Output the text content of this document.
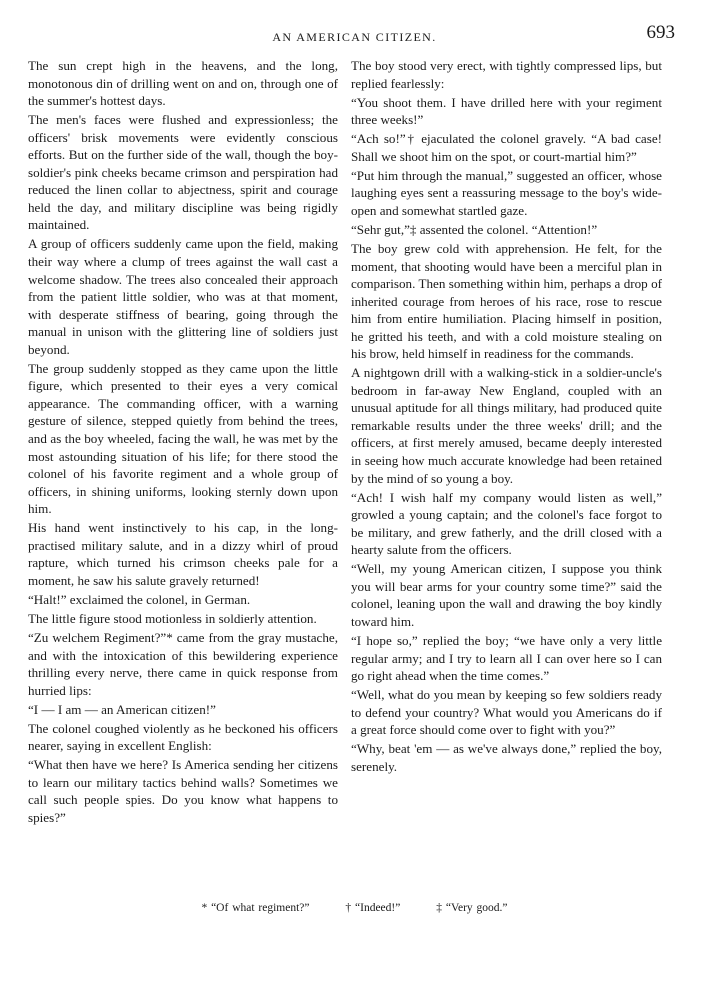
AN AMERICAN CITIZEN.	693

The sun crept high in the heavens, and the long, monotonous din of drilling went on and on, through one of the summer's hottest days.

The men's faces were flushed and expressionless; the officers' brisk movements were evidently conscious efforts. But on the further side of the wall, though the boy-soldier's pink cheeks became crimson and perspiration had reduced the linen collar to abjectness, spirit and courage held the day, and military discipline was being rigidly maintained.

A group of officers suddenly came upon the field, making their way where a clump of trees against the wall cast a welcome shadow. The trees also concealed their approach from the patient little soldier, who was at that moment, with desperate stiffness of bearing, going through the manual in unison with the glittering line of soldiers just beyond.

The group suddenly stopped as they came upon the little figure, which presented to their eyes a very comical appearance. The commanding officer, with a warning gesture of silence, stepped quietly from behind the trees, and as the boy wheeled, facing the wall, he was met by the most astounding situation of his life; for there stood the colonel of his favorite regiment and a whole group of officers, in shining uniforms, looking sternly down upon him.

His hand went instinctively to his cap, in the long-practised military salute, and in a dizzy whirl of proud rapture, which turned his crimson cheeks pale for a moment, he saw his salute gravely returned!

“Halt!” exclaimed the colonel, in German.

The little figure stood motionless in soldierly attention.

“Zu welchem Regiment?”* came from the gray mustache, and with the intoxication of this bewildering experience thrilling every nerve, there came in quick response from hurried lips:

“I — I am — an American citizen!”

The colonel coughed violently as he beckoned his officers nearer, saying in excellent English:

“What then have we here? Is America sending her citizens to learn our military tactics behind walls? Sometimes we call such people spies. Do you know what happens to spies?”

The boy stood very erect, with tightly compressed lips, but replied fearlessly:

“You shoot them. I have drilled here with your regiment three weeks!”

“Ach so!”† ejaculated the colonel gravely. “A bad case! Shall we shoot him on the spot, or court-martial him?”

“Put him through the manual,” suggested an officer, whose laughing eyes sent a reassuring message to the boy's wide-open and somewhat startled gaze.

“Sehr gut,”‡ assented the colonel. “Attention!”

The boy grew cold with apprehension. He felt, for the moment, that shooting would have been a merciful plan in comparison. Then something within him, perhaps a drop of inherited courage from heroes of his race, rose to rescue him from entire humiliation. Placing himself in position, he gritted his teeth, and with a cold moisture stealing on his brow, held himself in readiness for the commands.

A nightgown drill with a walking-stick in a soldier-uncle's bedroom in far-away New England, coupled with an unusual aptitude for all things military, had produced quite remarkable results under the three weeks' drill; and the officers, at first merely amused, became deeply interested in seeing how much accurate knowledge had been retained by the mind of so young a boy.

“Ach! I wish half my company would listen as well,” growled a young captain; and the colonel's face forgot to be military, and grew fatherly, and the drill closed with a hearty salute from the officers.

“Well, my young American citizen, I suppose you think you will bear arms for your country some time?” said the colonel, leaning upon the wall and drawing the boy kindly toward him.

“I hope so,” replied the boy; “we have only a very little regular army; and I try to learn all I can over here so I can go right ahead when the time comes.”

“Well, what do you mean by keeping so few soldiers ready to defend your country? What would you Americans do if a great force should come over to fight with you?”

“Why, beat 'em — as we've always done,” replied the boy, serenely.

* “Of what regiment?”	† “Indeed!”	‡ “Very good.”
